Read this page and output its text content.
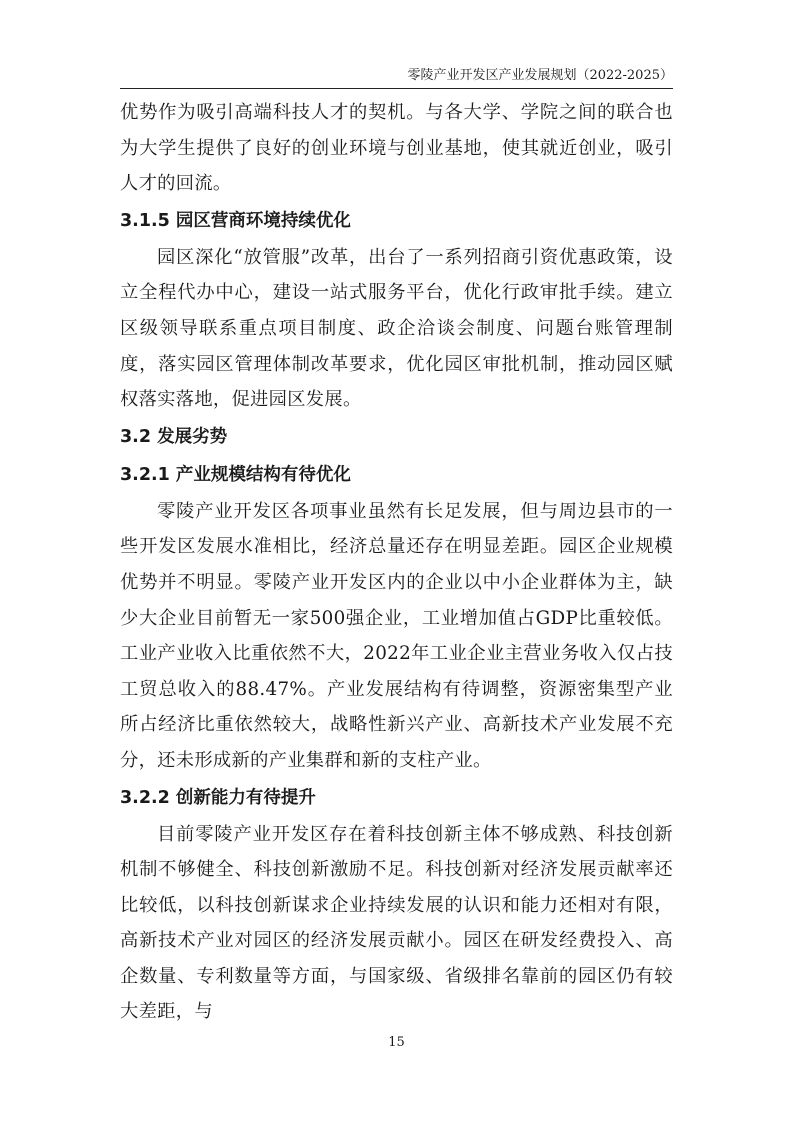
零陵产业开发区产业发展规划（2022-2025）

优势作为吸引高端科技人才的契机。与各大学、学院之间的联合也为大学生提供了良好的创业环境与创业基地，使其就近创业，吸引人才的回流。

3.1.5 园区营商环境持续优化

园区深化“放管服”改革，出台了一系列招商引资优惠政策，设立全程代办中心，建设一站式服务平台，优化行政审批手续。建立区级领导联系重点项目制度、政企洽谈会制度、问题台账管理制度，落实园区管理体制改革要求，优化园区审批机制，推动园区赋权落实落地，促进园区发展。

3.2 发展劣势
3.2.1 产业规模结构有待优化

零陵产业开发区各项事业虽然有长足发展，但与周边县市的一些开发区发展水准相比，经济总量还存在明显差距。园区企业规模优势并不明显。零陵产业开发区内的企业以中小企业群体为主，缺少大企业目前暂无一家500强企业，工业增加值占GDP比重较低。工业产业收入比重依然不大，2022年工业企业主营业务收入仅占技工贸总收入的88.47%。产业发展结构有待调整，资源密集型产业所占经济比重依然较大，战略性新兴产业、高新技术产业发展不充分，还未形成新的产业集群和新的支柱产业。

3.2.2 创新能力有待提升

目前零陵产业开发区存在着科技创新主体不够成熟、科技创新机制不够健全、科技创新激励不足。科技创新对经济发展贡献率还比较低，以科技创新谋求企业持续发展的认识和能力还相对有限，高新技术产业对园区的经济发展贡献小。园区在研发经费投入、高企数量、专利数量等方面，与国家级、省级排名靠前的园区仍有较大差距，与

15
